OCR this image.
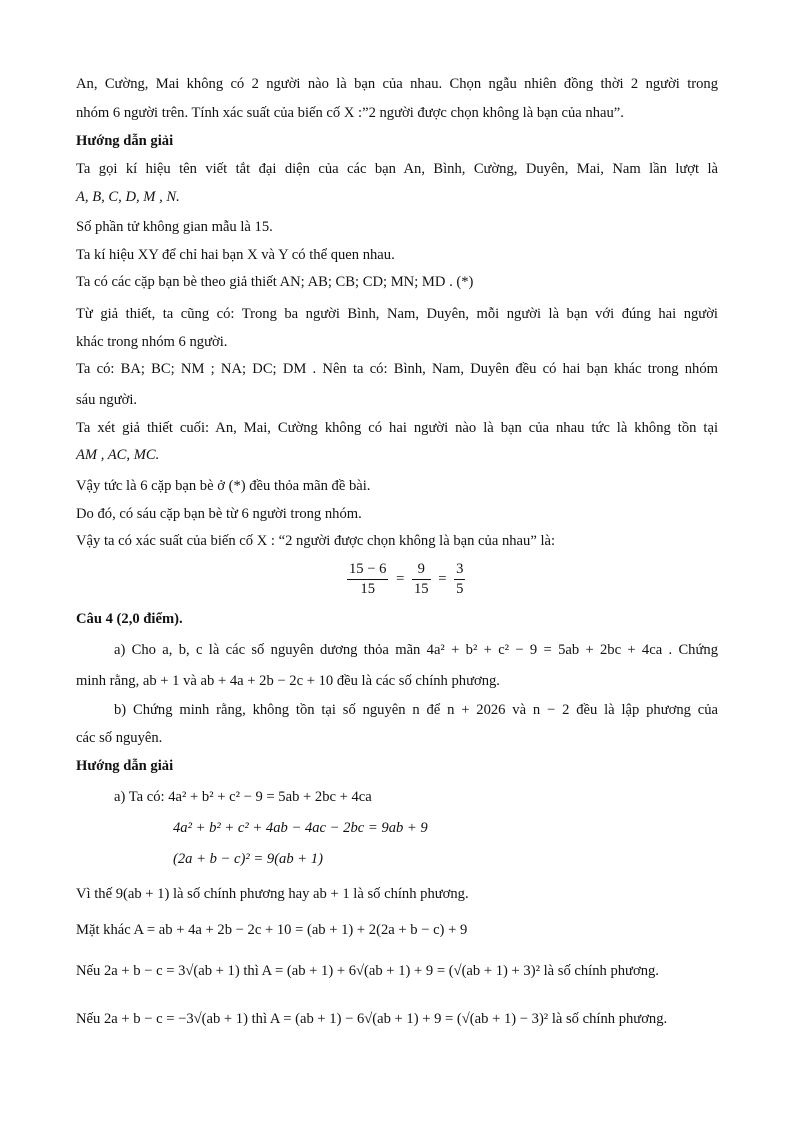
An, Cường, Mai không có 2 người nào là bạn của nhau. Chọn ngẫu nhiên đồng thời 2 người trong
nhóm 6 người trên. Tính xác suất của biến cố X :”2 người được chọn không là bạn của nhau”.
Hướng dẫn giải
Ta gọi kí hiệu tên viết tắt đại diện của các bạn An, Bình, Cường, Duyên, Mai, Nam lần lượt là
A, B, C, D, M , N.
Số phần tử không gian mẫu là 15.
Ta kí hiệu XY để chỉ hai bạn X và Y có thể quen nhau.
Ta có các cặp bạn bè theo giả thiết AN; AB; CB; CD; MN; MD . (*)
Từ giả thiết, ta cũng có: Trong ba người Bình, Nam, Duyên, mỗi người là bạn với đúng hai người
khác trong nhóm 6 người.
Ta có: BA; BC; NM ; NA; DC; DM . Nên ta có: Bình, Nam, Duyên đều có hai bạn khác trong nhóm
sáu người.
Ta xét giả thiết cuối: An, Mai, Cường không có hai người nào là bạn của nhau tức là không tồn tại
AM , AC, MC.
Vậy tức là 6 cặp bạn bè ở (*) đều thỏa mãn đề bài.
Do đó, có sáu cặp bạn bè từ 6 người trong nhóm.
Vậy ta có xác suất của biến cố X : “2 người được chọn không là bạn của nhau” là:
Câu 4 (2,0 điểm).
a) Cho a, b, c là các số nguyên dương thỏa mãn 4a² + b² + c² − 9 = 5ab + 2bc + 4ca . Chứng
minh rằng, ab + 1 và ab + 4a + 2b − 2c + 10 đều là các số chính phương.
b) Chứng minh rằng, không tồn tại số nguyên n để n + 2026 và n − 2 đều là lập phương của
các số nguyên.
Hướng dẫn giải
a) Ta có: 4a² + b² + c² − 9 = 5ab + 2bc + 4ca
4a² + b² + c² + 4ab − 4ac − 2bc = 9ab + 9
(2a + b − c)² = 9(ab + 1)
Vì thế 9(ab + 1) là số chính phương hay ab + 1 là số chính phương.
Mặt khác A = ab + 4a + 2b − 2c + 10 = (ab + 1) + 2(2a + b − c) + 9
Nếu 2a + b − c = 3√(ab + 1) thì A = (ab + 1) + 6√(ab + 1) + 9 = (√(ab + 1) + 3)² là số chính phương.
Nếu 2a + b − c = −3√(ab + 1) thì A = (ab + 1) − 6√(ab + 1) + 9 = (√(ab + 1) − 3)² là số chính phương.
$\frac{15 - 6}{15} = \frac{9}{15} = \frac{3}{5}$
